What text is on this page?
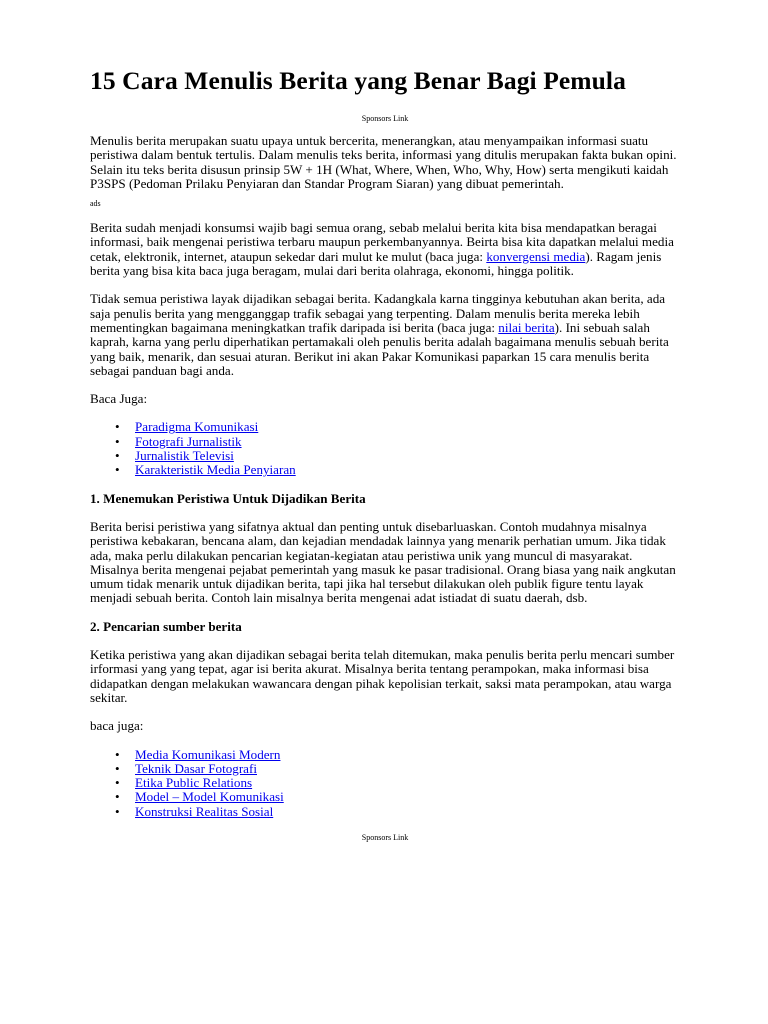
15 Cara Menulis Berita yang Benar Bagi Pemula
Sponsors Link

Menulis berita merupakan suatu upaya untuk bercerita, menerangkan, atau menyampaikan informasi suatu peristiwa dalam bentuk tertulis. Dalam menulis teks berita, informasi yang ditulis merupakan fakta bukan opini. Selain itu teks berita disusun prinsip 5W + 1H (What, Where, When, Who, Why, How) serta mengikuti kaidah P3SPS (Pedoman Prilaku Penyiaran dan Standar Program Siaran) yang dibuat pemerintah.

ads

Berita sudah menjadi konsumsi wajib bagi semua orang, sebab melalui berita kita bisa mendapatkan beragai informasi, baik mengenai peristiwa terbaru maupun perkembanyannya. Beirta bisa kita dapatkan melalui media cetak, elektronik, internet, ataupun sekedar dari mulut ke mulut (baca juga: konvergensi media). Ragam jenis berita yang bisa kita baca juga beragam, mulai dari berita olahraga, ekonomi, hingga politik.

Tidak semua peristiwa layak dijadikan sebagai berita. Kadangkala karna tingginya kebutuhan akan berita, ada saja penulis berita yang mengganggap trafik sebagai yang terpenting. Dalam menulis berita mereka lebih mementingkan bagaimana meningkatkan trafik daripada isi berita (baca juga: nilai berita). Ini sebuah salah kaprah, karna yang perlu diperhatikan pertamakali oleh penulis berita adalah bagaimana menulis sebuah berita yang baik, menarik, dan sesuai aturan. Berikut ini akan Pakar Komunikasi paparkan 15 cara menulis berita sebagai panduan bagi anda.

Baca Juga:

• Paradigma Komunikasi
• Fotografi Jurnalistik
• Jurnalistik Televisi
• Karakteristik Media Penyiaran
1. Menemukan Peristiwa Untuk Dijadikan Berita

Berita berisi peristiwa yang sifatnya aktual dan penting untuk disebarluaskan. Contoh mudahnya misalnya peristiwa kebakaran, bencana alam, dan kejadian mendadak lainnya yang menarik perhatian umum. Jika tidak ada, maka perlu dilakukan pencarian kegiatan-kegiatan atau peristiwa unik yang muncul di masyarakat. Misalnya berita mengenai pejabat pemerintah yang masuk ke pasar tradisional. Orang biasa yang naik angkutan umum tidak menarik untuk dijadikan berita, tapi jika hal tersebut dilakukan oleh publik figure tentu layak menjadi sebuah berita. Contoh lain misalnya berita mengenai adat istiadat di suatu daerah, dsb.

2. Pencarian sumber berita

Ketika peristiwa yang akan dijadikan sebagai berita telah ditemukan, maka penulis berita perlu mencari sumber irformasi yang yang tepat, agar isi berita akurat. Misalnya berita tentang perampokan, maka informasi bisa didapatkan dengan melakukan wawancara dengan pihak kepolisian terkait, saksi mata perampokan, atau warga sekitar.

baca juga:

• Media Komunikasi Modern
• Teknik Dasar Fotografi
• Etika Public Relations
• Model – Model Komunikasi
• Konstruksi Realitas Sosial
Sponsors Link
